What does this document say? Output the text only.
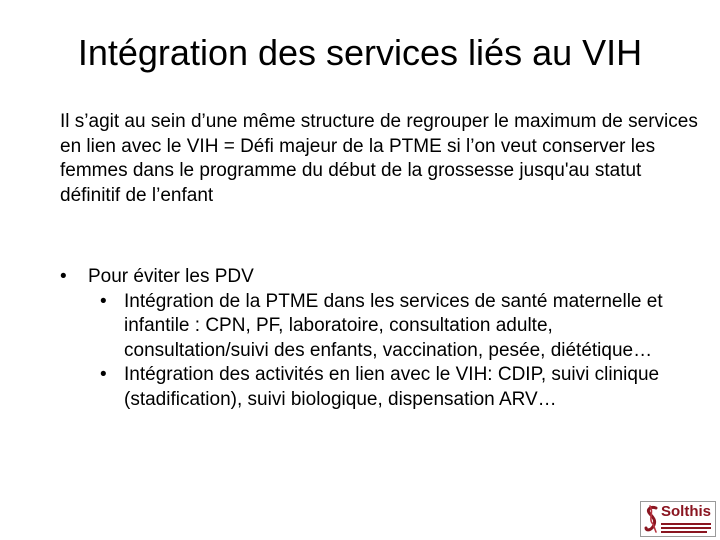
Intégration des services liés au VIH

Il s’agit au sein d’une même structure de regrouper le maximum de services en lien avec le VIH = Défi majeur de la PTME si l’on veut conserver les femmes dans le programme du début de la grossesse jusqu'au statut définitif de l’enfant

• Pour éviter les PDV
• Intégration de la PTME dans les services de santé maternelle et infantile : CPN, PF, laboratoire, consultation adulte, consultation/suivi des enfants, vaccination, pesée, diététique…
• Intégration des activités en lien avec le VIH: CDIP, suivi clinique (stadification), suivi biologique, dispensation ARV…
Solthis
